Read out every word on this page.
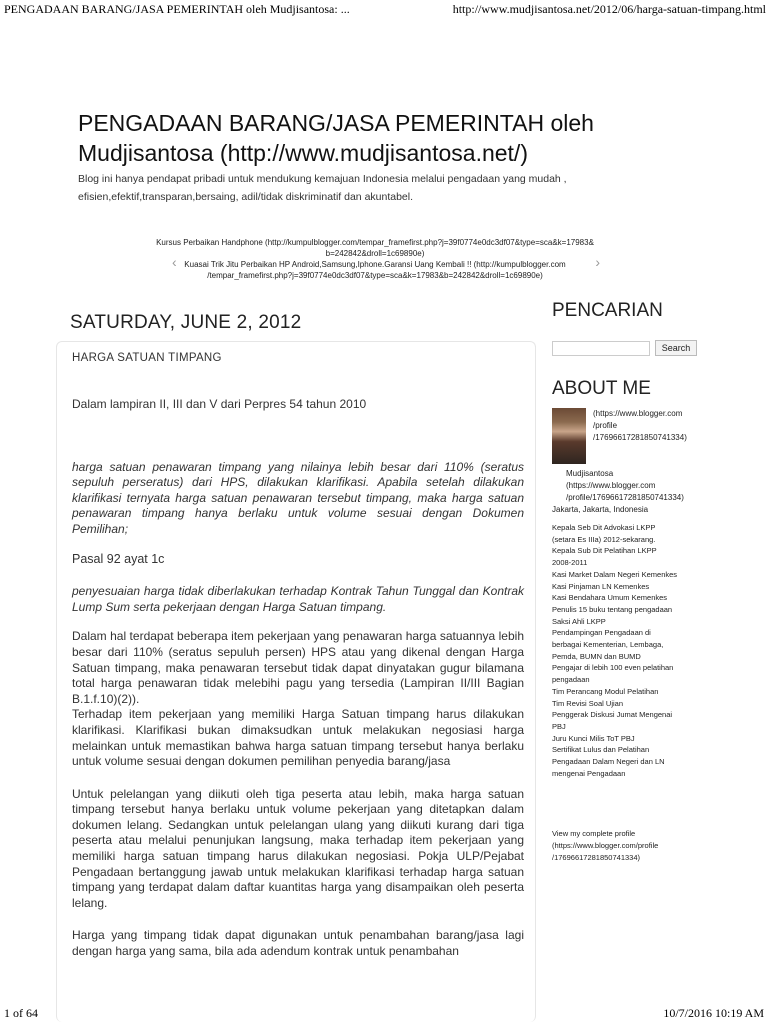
PENGADAAN BARANG/JASA PEMERINTAH oleh Mudjisantosa: ...	http://www.mudjisantosa.net/2012/06/harga-satuan-timpang.html
PENGADAAN BARANG/JASA PEMERINTAH oleh
Mudjisantosa (http://www.mudjisantosa.net/)
Blog ini hanya pendapat pribadi untuk mendukung kemajuan Indonesia melalui pengadaan yang mudah ,
efisien,efektif,transparan,bersaing, adil/tidak diskriminatif dan akuntabel.
‹
Kursus Perbaikan Handphone (http://kumpulblogger.com/tempar_framefirst.php?j=39f0774e0dc3df07&type=sca&k=17983&
b=242842&droll=1c69890e)
Kuasai Trik Jitu Perbaikan HP Android,Samsung,Iphone.Garansi Uang Kembali !! (http://kumpulblogger.com
/tempar_framefirst.php?j=39f0774e0dc3df07&type=sca&k=17983&b=242842&droll=1c69890e)
›
SATURDAY, JUNE 2, 2012
HARGA SATUAN TIMPANG

Dalam lampiran II, III dan V dari Perpres 54 tahun 2010

harga satuan penawaran timpang yang nilainya lebih besar dari 110% (seratus sepuluh perseratus) dari HPS, dilakukan klarifikasi. Apabila setelah dilakukan klarifikasi ternyata harga satuan penawaran tersebut timpang, maka harga satuan penawaran timpang hanya berlaku untuk volume sesuai dengan Dokumen Pemilihan;

Pasal 92 ayat 1c

penyesuaian harga tidak diberlakukan terhadap Kontrak Tahun Tunggal dan Kontrak Lump Sum serta pekerjaan dengan Harga Satuan timpang.

Dalam hal terdapat beberapa item pekerjaan yang penawaran harga satuannya lebih besar dari 110% (seratus sepuluh persen) HPS atau yang dikenal dengan Harga Satuan timpang, maka penawaran tersebut tidak dapat dinyatakan gugur bilamana total harga penawaran tidak melebihi pagu yang tersedia (Lampiran II/III Bagian B.1.f.10)(2)).

Terhadap item pekerjaan yang memiliki Harga Satuan timpang harus dilakukan klarifikasi. Klarifikasi bukan dimaksudkan untuk melakukan negosiasi harga melainkan untuk memastikan bahwa harga satuan timpang tersebut hanya berlaku untuk volume sesuai dengan dokumen pemilihan penyedia barang/jasa

Untuk pelelangan yang diikuti oleh tiga peserta atau lebih, maka harga satuan timpang tersebut hanya berlaku untuk volume pekerjaan yang ditetapkan dalam dokumen lelang. Sedangkan untuk pelelangan ulang yang diikuti kurang dari tiga peserta atau melalui penunjukan langsung, maka terhadap item pekerjaan yang memiliki harga satuan timpang harus dilakukan negosiasi. Pokja ULP/Pejabat Pengadaan bertanggung jawab untuk melakukan klarifikasi terhadap harga satuan timpang yang terdapat dalam daftar kuantitas harga yang disampaikan oleh peserta lelang.

Harga yang timpang tidak dapat digunakan untuk penambahan barang/jasa lagi dengan harga yang sama, bila ada adendum kontrak untuk penambahan

PENCARIAN
Search
ABOUT ME
(https://www.blogger.com
/profile
/17696617281850741334)
Mudjisantosa
(https://www.blogger.com
/profile/17696617281850741334)
Jakarta, Jakarta, Indonesia
Kepala Seb Dit Advokasi LKPP
(setara Es IIIa) 2012-sekarang.
Kepala Sub Dit Pelatihan LKPP
2008-2011
Kasi Market Dalam Negeri Kemenkes
Kasi Pinjaman LN Kemenkes
Kasi Bendahara Umum Kemenkes
Penulis 15 buku tentang pengadaan
Saksi Ahli LKPP
Pendampingan Pengadaan di
berbagai Kementerian, Lembaga,
Pemda, BUMN dan BUMD
Pengajar di lebih 100 even pelatihan
pengadaan
Tim Perancang Modul Pelatihan
Tim Revisi Soal Ujian
Penggerak Diskusi Jumat Mengenai
PBJ
Juru Kunci Milis ToT PBJ
Sertifikat Lulus dan Pelatihan
Pengadaan Dalam Negeri dan LN
mengenai Pengadaan
View my complete profile
(https://www.blogger.com/profile
/17696617281850741334)
1 of 64	10/7/2016 10:19 AM
